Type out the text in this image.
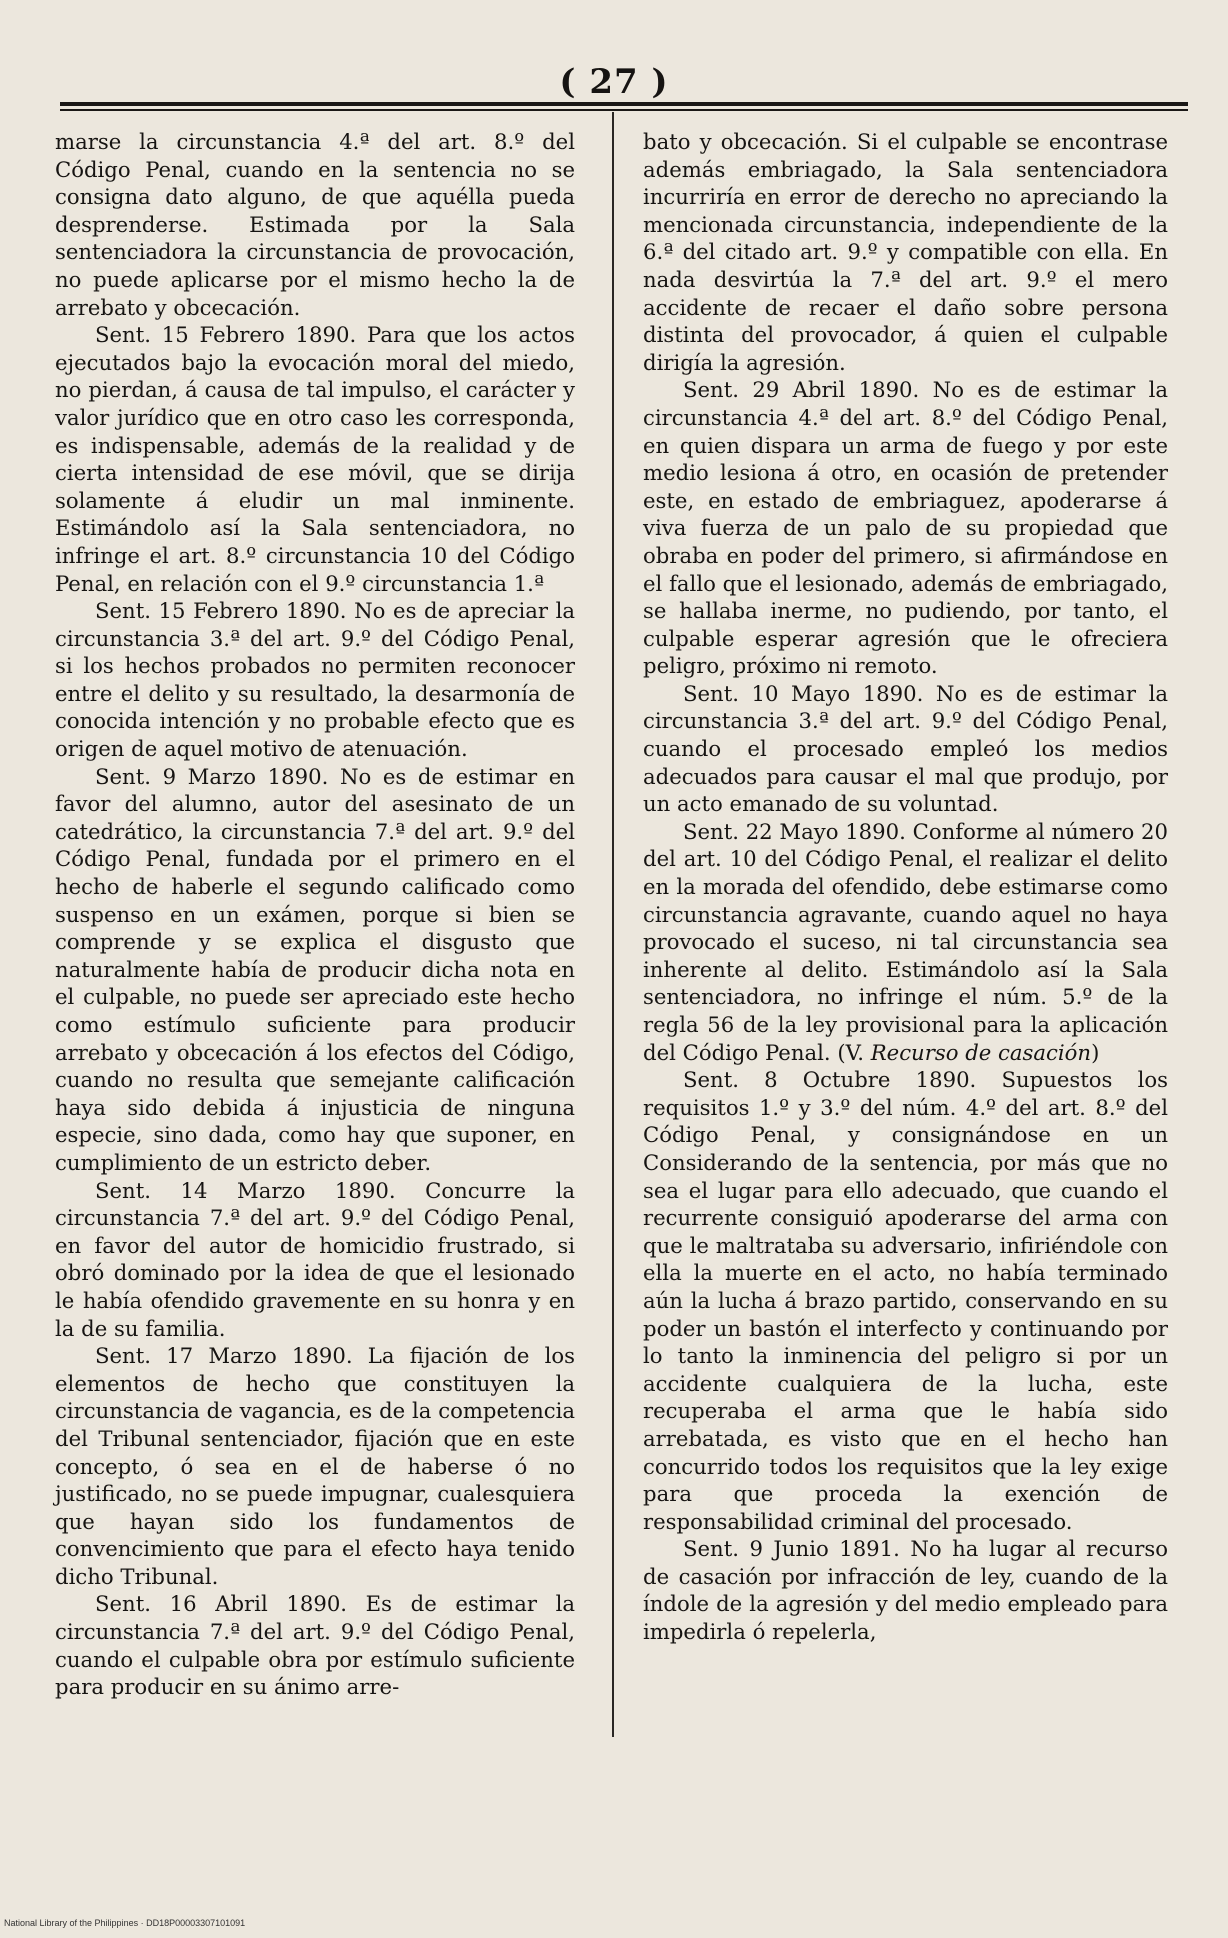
( 27 )

marse la circunstancia 4.ª del art. 8.º del Código Penal, cuando en la sentencia no se consigna dato alguno, de que aquélla pueda desprenderse. Estimada por la Sala sentenciadora la circunstancia de provocación, no puede aplicarse por el mismo hecho la de arrebato y obcecación.

Sent. 15 Febrero 1890. Para que los actos ejecutados bajo la evocación moral del miedo, no pierdan, á causa de tal impulso, el carácter y valor jurídico que en otro caso les corresponda, es indispensable, además de la realidad y de cierta intensidad de ese móvil, que se dirija solamente á eludir un mal inminente. Estimándolo así la Sala sentenciadora, no infringe el art. 8.º circunstancia 10 del Código Penal, en relación con el 9.º circunstancia 1.ª

Sent. 15 Febrero 1890. No es de apreciar la circunstancia 3.ª del art. 9.º del Código Penal, si los hechos probados no permiten reconocer entre el delito y su resultado, la desarmonía de conocida intención y no probable efecto que es origen de aquel motivo de atenuación.

Sent. 9 Marzo 1890. No es de estimar en favor del alumno, autor del asesinato de un catedrático, la circunstancia 7.ª del art. 9.º del Código Penal, fundada por el primero en el hecho de haberle el segundo calificado como suspenso en un exámen, porque si bien se comprende y se explica el disgusto que naturalmente había de producir dicha nota en el culpable, no puede ser apreciado este hecho como estímulo suficiente para producir arrebato y obcecación á los efectos del Código, cuando no resulta que semejante calificación haya sido debida á injusticia de ninguna especie, sino dada, como hay que suponer, en cumplimiento de un estricto deber.

Sent. 14 Marzo 1890. Concurre la circunstancia 7.ª del art. 9.º del Código Penal, en favor del autor de homicidio frustrado, si obró dominado por la idea de que el lesionado le había ofendido gravemente en su honra y en la de su familia.

Sent. 17 Marzo 1890. La fijación de los elementos de hecho que constituyen la circunstancia de vagancia, es de la competencia del Tribunal sentenciador, fijación que en este concepto, ó sea en el de haberse ó no justificado, no se puede impugnar, cualesquiera que hayan sido los fundamentos de convencimiento que para el efecto haya tenido dicho Tribunal.

Sent. 16 Abril 1890. Es de estimar la circunstancia 7.ª del art. 9.º del Código Penal, cuando el culpable obra por estímulo suficiente para producir en su ánimo arre-

bato y obcecación. Si el culpable se encontrase además embriagado, la Sala sentenciadora incurriría en error de derecho no apreciando la mencionada circunstancia, independiente de la 6.ª del citado art. 9.º y compatible con ella. En nada desvirtúa la 7.ª del art. 9.º el mero accidente de recaer el daño sobre persona distinta del provocador, á quien el culpable dirigía la agresión.

Sent. 29 Abril 1890. No es de estimar la circunstancia 4.ª del art. 8.º del Código Penal, en quien dispara un arma de fuego y por este medio lesiona á otro, en ocasión de pretender este, en estado de embriaguez, apoderarse á viva fuerza de un palo de su propiedad que obraba en poder del primero, si afirmándose en el fallo que el lesionado, además de embriagado, se hallaba inerme, no pudiendo, por tanto, el culpable esperar agresión que le ofreciera peligro, próximo ni remoto.

Sent. 10 Mayo 1890. No es de estimar la circunstancia 3.ª del art. 9.º del Código Penal, cuando el procesado empleó los medios adecuados para causar el mal que produjo, por un acto emanado de su voluntad.

Sent. 22 Mayo 1890. Conforme al número 20 del art. 10 del Código Penal, el realizar el delito en la morada del ofendido, debe estimarse como circunstancia agravante, cuando aquel no haya provocado el suceso, ni tal circunstancia sea inherente al delito. Estimándolo así la Sala sentenciadora, no infringe el núm. 5.º de la regla 56 de la ley provisional para la aplicación del Código Penal. (V. Recurso de casación)

Sent. 8 Octubre 1890. Supuestos los requisitos 1.º y 3.º del núm. 4.º del art. 8.º del Código Penal, y consignándose en un Considerando de la sentencia, por más que no sea el lugar para ello adecuado, que cuando el recurrente consiguió apoderarse del arma con que le maltrataba su adversario, infiriéndole con ella la muerte en el acto, no había terminado aún la lucha á brazo partido, conservando en su poder un bastón el interfecto y continuando por lo tanto la inminencia del peligro si por un accidente cualquiera de la lucha, este recuperaba el arma que le había sido arrebatada, es visto que en el hecho han concurrido todos los requisitos que la ley exige para que proceda la exención de responsabilidad criminal del procesado.

Sent. 9 Junio 1891. No ha lugar al recurso de casación por infracción de ley, cuando de la índole de la agresión y del medio empleado para impedirla ó repelerla,

National Library of the Philippines · DD18P00003307101091
